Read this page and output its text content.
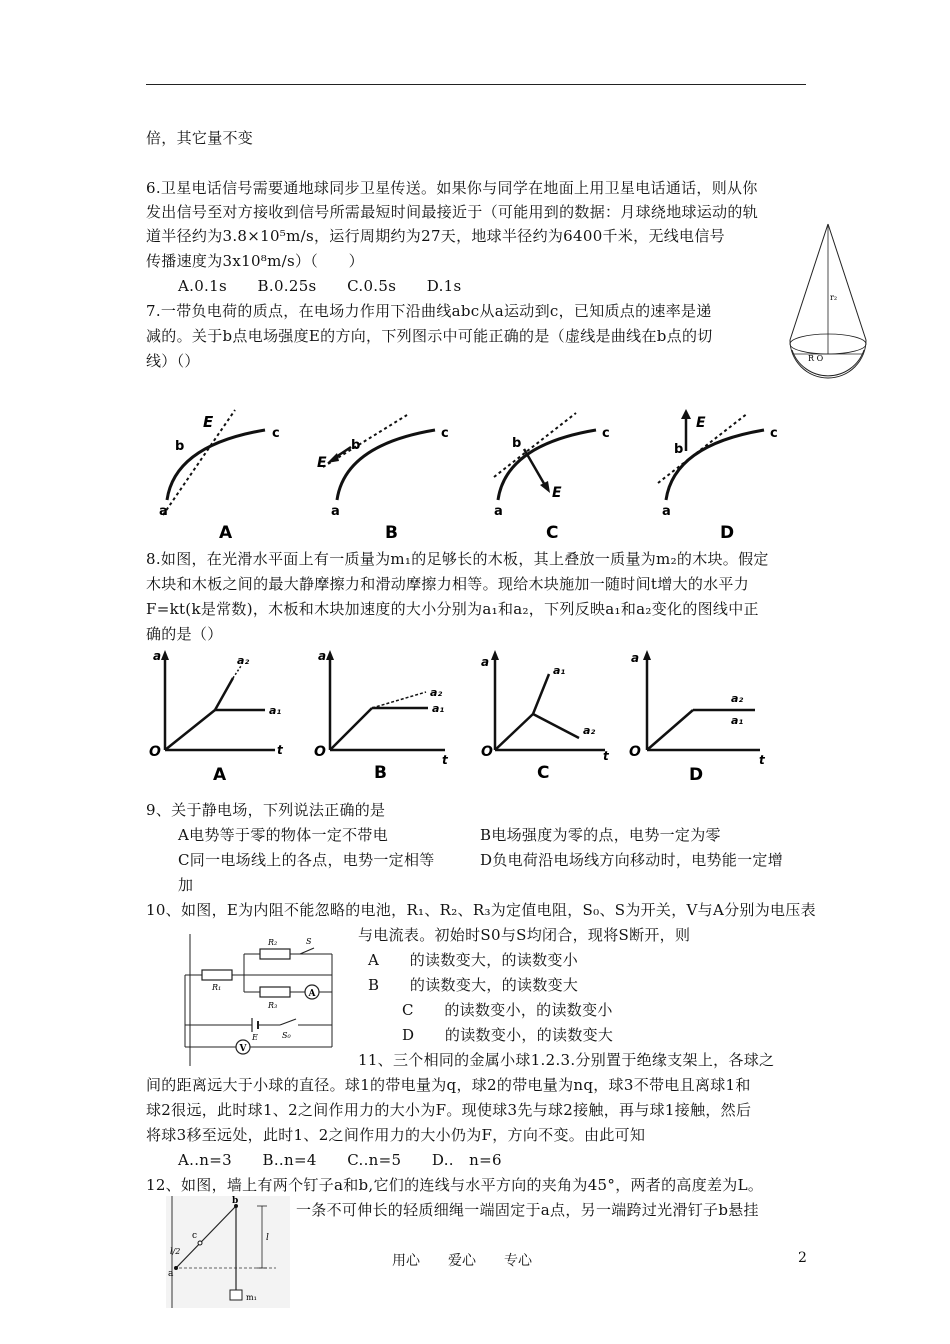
倍，其它量不变
6.卫星电话信号需要通地球同步卫星传送。如果你与同学在地面上用卫星电话通话，则从你
发出信号至对方接收到信号所需最短时间最接近于（可能用到的数据：月球绕地球运动的轨
道半径约为3.8×10⁵m/s，运行周期约为27天，地球半径约为6400千米，无线电信号
传播速度为3x10⁸m/s）（　　）
A.0.1s　　B.0.25s　　C.0.5s　　D.1s
7.一带负电荷的质点，在电场力作用下沿曲线abc从a运动到c，已知质点的速率是递
减的。关于b点电场强度E的方向，下列图示中可能正确的是（虚线是曲线在b点的切
线）（）
r₂
R O
E
b
c
a
A
E
b
c
a
B
E
b
c
a
C
E
b
c
a
D
8.如图，在光滑水平面上有一质量为m₁的足够长的木板，其上叠放一质量为m₂的木块。假定
木块和木板之间的最大静摩擦力和滑动摩擦力相等。现给木块施加一随时间t增大的水平力
F=kt(k是常数)，木板和木块加速度的大小分别为a₁和a₂，下列反映a₁和a₂变化的图线中正
确的是（）
a
O	t
a₂
a₁
A
a
O	t
a₂
a₁
B
a
O	t
a₁
a₂
C
a
O	t
a₂
a₁
D
9、关于静电场，下列说法正确的是
A电势等于零的物体一定不带电	B电场强度为零的点，电势一定为零
C同一电场线上的各点，电势一定相等	D负电荷沿电场线方向移动时，电势能一定增
加
10、如图，E为内阻不能忽略的电池，R₁、R₂、R₃为定值电阻，S₀、S为开关，V与A分别为电压表
与电流表。初始时S0与S均闭合，现将S断开，则
A　　的读数变大，的读数变小
B　　的读数变大，的读数变大
C　　的读数变小，的读数变小
D　　的读数变小，的读数变大
A
V
R₁
R₂
R₃
S
S₀
E
11、三个相同的金属小球1.2.3.分别置于绝缘支架上，各球之
间的距离远大于小球的直径。球1的带电量为q，球2的带电量为nq，球3不带电且离球1和
球2很远，此时球1、2之间作用力的大小为F。现使球3先与球2接触，再与球1接触，然后
将球3移至远处，此时1、2之间作用力的大小仍为F，方向不变。由此可知
A..n=3　　B..n=4　　C..n=5　　D..　n=6
12、如图，墙上有两个钉子a和b,它们的连线与水平方向的夹角为45°，两者的高度差为L。
一条不可伸长的轻质细绳一端固定于a点，另一端跨过光滑钉子b悬挂
b
c
a
l
l/2
m₁
用心　　爱心　　专心	2
